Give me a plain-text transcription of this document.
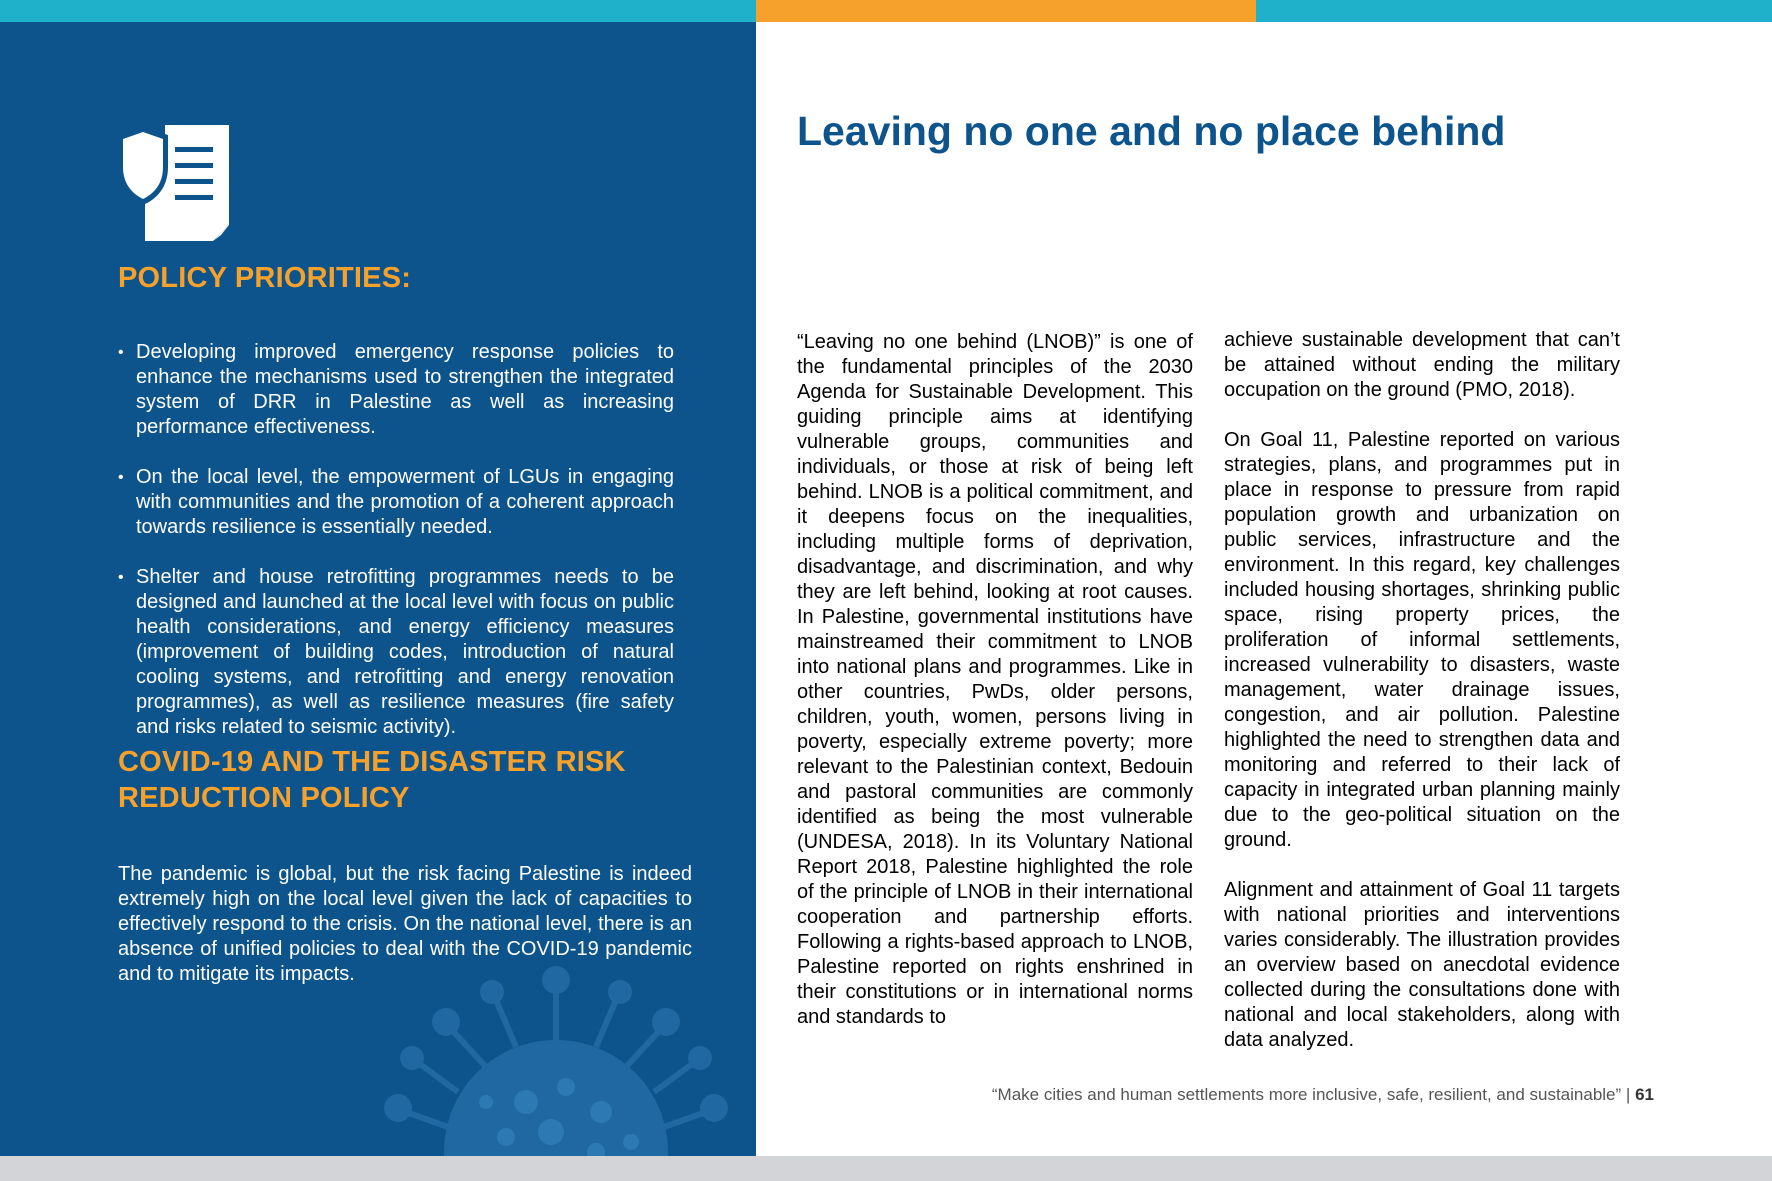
POLICY PRIORITIES:
• Developing improved emergency response policies to enhance the mechanisms used to strengthen the integrated system of DRR in Palestine as well as increasing performance effectiveness.
• On the local level, the empowerment of LGUs in engaging with communities and the promotion of a coherent approach towards resilience is essentially needed.
• Shelter and house retrofitting programmes needs to be designed and launched at the local level with focus on public health considerations, and energy efficiency measures (improvement of building codes, introduction of natural cooling systems, and retrofitting and energy renovation programmes), as well as resilience measures (fire safety and risks related to seismic activity).
COVID-19 AND THE DISASTER RISK
REDUCTION POLICY

The pandemic is global, but the risk facing Palestine is indeed extremely high on the local level given the lack of capacities to effectively respond to the crisis. On the national level, there is an absence of unified policies to deal with the COVID-19 pandemic and to mitigate its impacts.

Leaving no one and no place behind

“Leaving no one behind (LNOB)” is one of the fundamental principles of the 2030 Agenda for Sustainable Development. This guiding principle aims at identifying vulnerable groups, communities and individuals, or those at risk of being left behind. LNOB is a political commitment, and it deepens focus on the inequalities, including multiple forms of deprivation, disadvantage, and discrimination, and why they are left behind, looking at root causes. In Palestine, governmental institutions have mainstreamed their commitment to LNOB into national plans and programmes. Like in other countries, PwDs, older persons, children, youth, women, persons living in poverty, especially extreme poverty; more relevant to the Palestinian context, Bedouin and pastoral communities are commonly identified as being the most vulnerable (UNDESA, 2018). In its Voluntary National Report 2018, Palestine highlighted the role of the principle of LNOB in their international cooperation and partnership efforts. Following a rights-based approach to LNOB, Palestine reported on rights enshrined in their constitutions or in international norms and standards to

achieve sustainable development that can’t be attained without ending the military occupation on the ground (PMO, 2018).

On Goal 11, Palestine reported on various strategies, plans, and programmes put in place in response to pressure from rapid population growth and urbanization on public services, infrastructure and the environment. In this regard, key challenges included housing shortages, shrinking public space, rising property prices, the proliferation of informal settlements, increased vulnerability to disasters, waste management, water drainage issues, congestion, and air pollution. Palestine highlighted the need to strengthen data and monitoring and referred to their lack of capacity in integrated urban planning mainly due to the geo-political situation on the ground.

Alignment and attainment of Goal 11 targets with national priorities and interventions varies considerably. The illustration provides an overview based on anecdotal evidence collected during the consultations done with national and local stakeholders, along with data analyzed.

“Make cities and human settlements more inclusive, safe, resilient, and sustainable” | 61
